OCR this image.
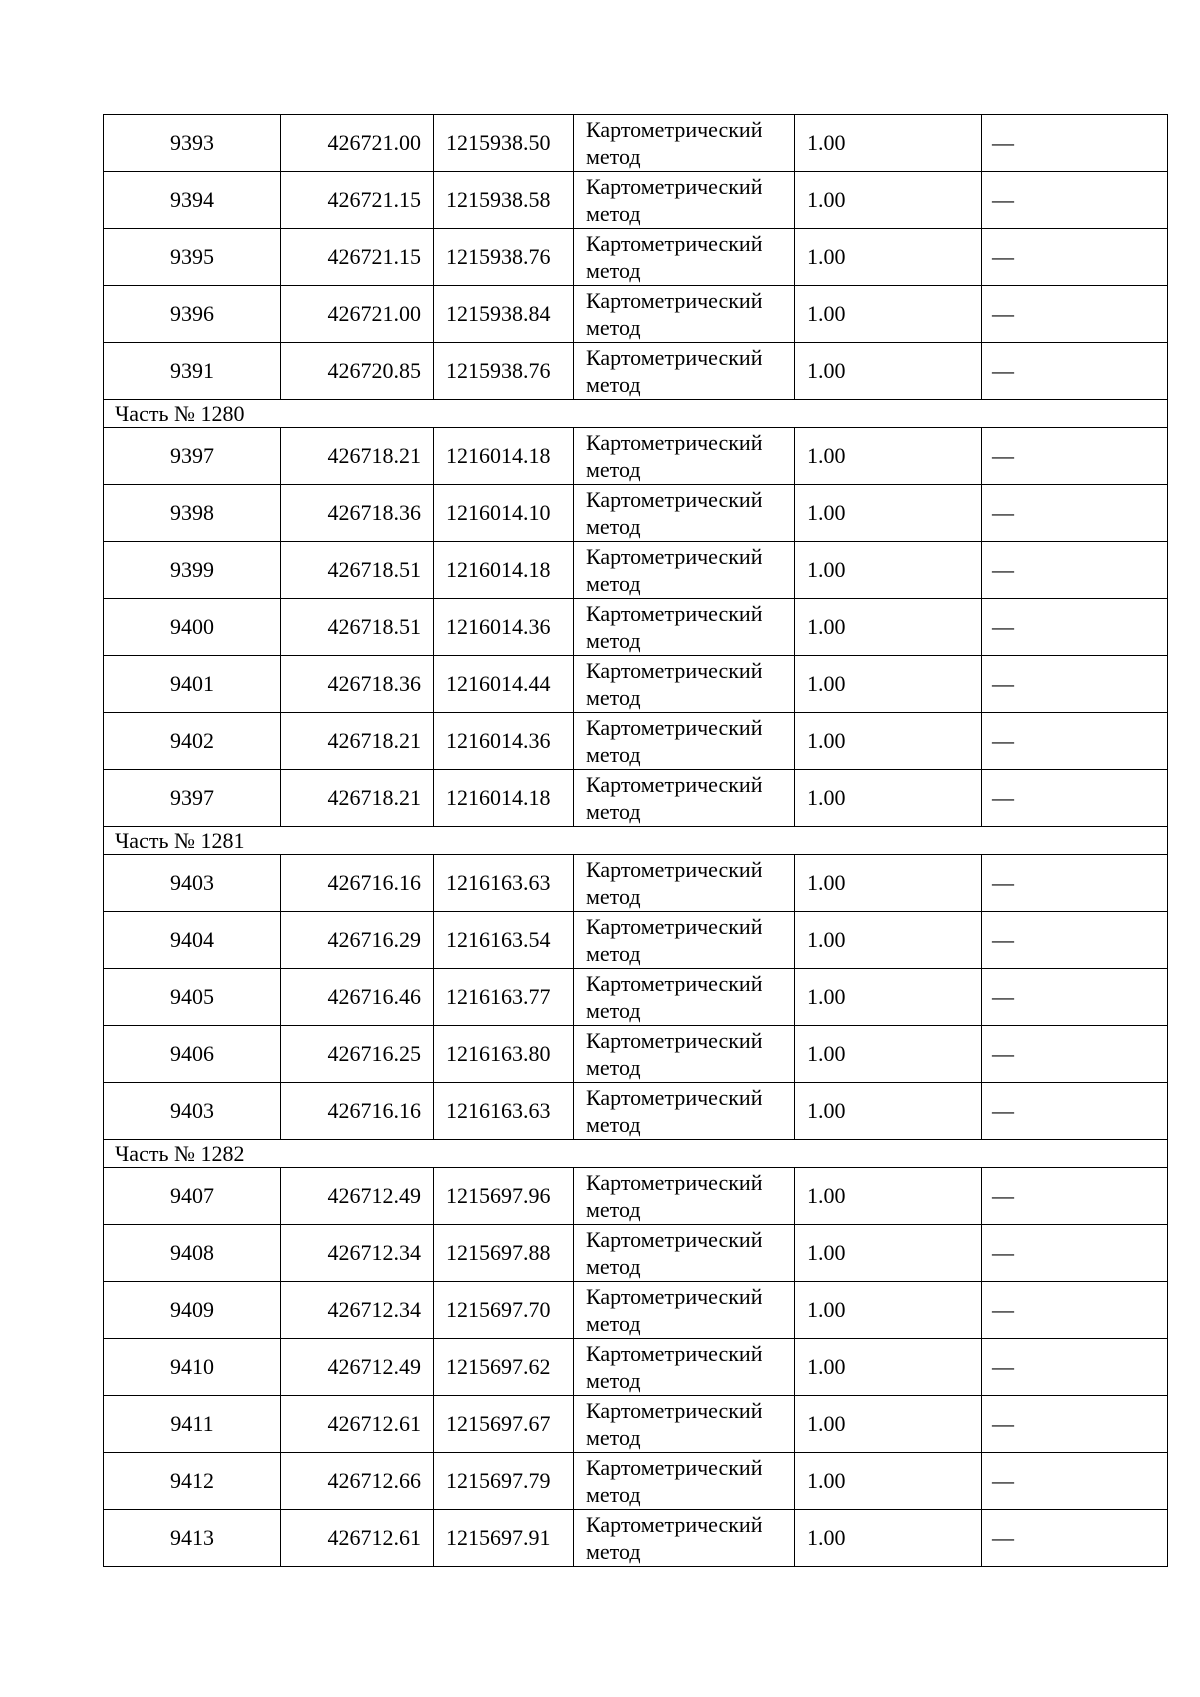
9393	426721.00	1215938.50	Картометрический метод	1.00	—
9394	426721.15	1215938.58	Картометрический метод	1.00	—
9395	426721.15	1215938.76	Картометрический метод	1.00	—
9396	426721.00	1215938.84	Картометрический метод	1.00	—
9391	426720.85	1215938.76	Картометрический метод	1.00	—
Часть № 1280					
9397	426718.21	1216014.18	Картометрический метод	1.00	—
9398	426718.36	1216014.10	Картометрический метод	1.00	—
9399	426718.51	1216014.18	Картометрический метод	1.00	—
9400	426718.51	1216014.36	Картометрический метод	1.00	—
9401	426718.36	1216014.44	Картометрический метод	1.00	—
9402	426718.21	1216014.36	Картометрический метод	1.00	—
9397	426718.21	1216014.18	Картометрический метод	1.00	—
Часть № 1281					
9403	426716.16	1216163.63	Картометрический метод	1.00	—
9404	426716.29	1216163.54	Картометрический метод	1.00	—
9405	426716.46	1216163.77	Картометрический метод	1.00	—
9406	426716.25	1216163.80	Картометрический метод	1.00	—
9403	426716.16	1216163.63	Картометрический метод	1.00	—
Часть № 1282					
9407	426712.49	1215697.96	Картометрический метод	1.00	—
9408	426712.34	1215697.88	Картометрический метод	1.00	—
9409	426712.34	1215697.70	Картометрический метод	1.00	—
9410	426712.49	1215697.62	Картометрический метод	1.00	—
9411	426712.61	1215697.67	Картометрический метод	1.00	—
9412	426712.66	1215697.79	Картометрический метод	1.00	—
9413	426712.61	1215697.91	Картометрический метод	1.00	—
